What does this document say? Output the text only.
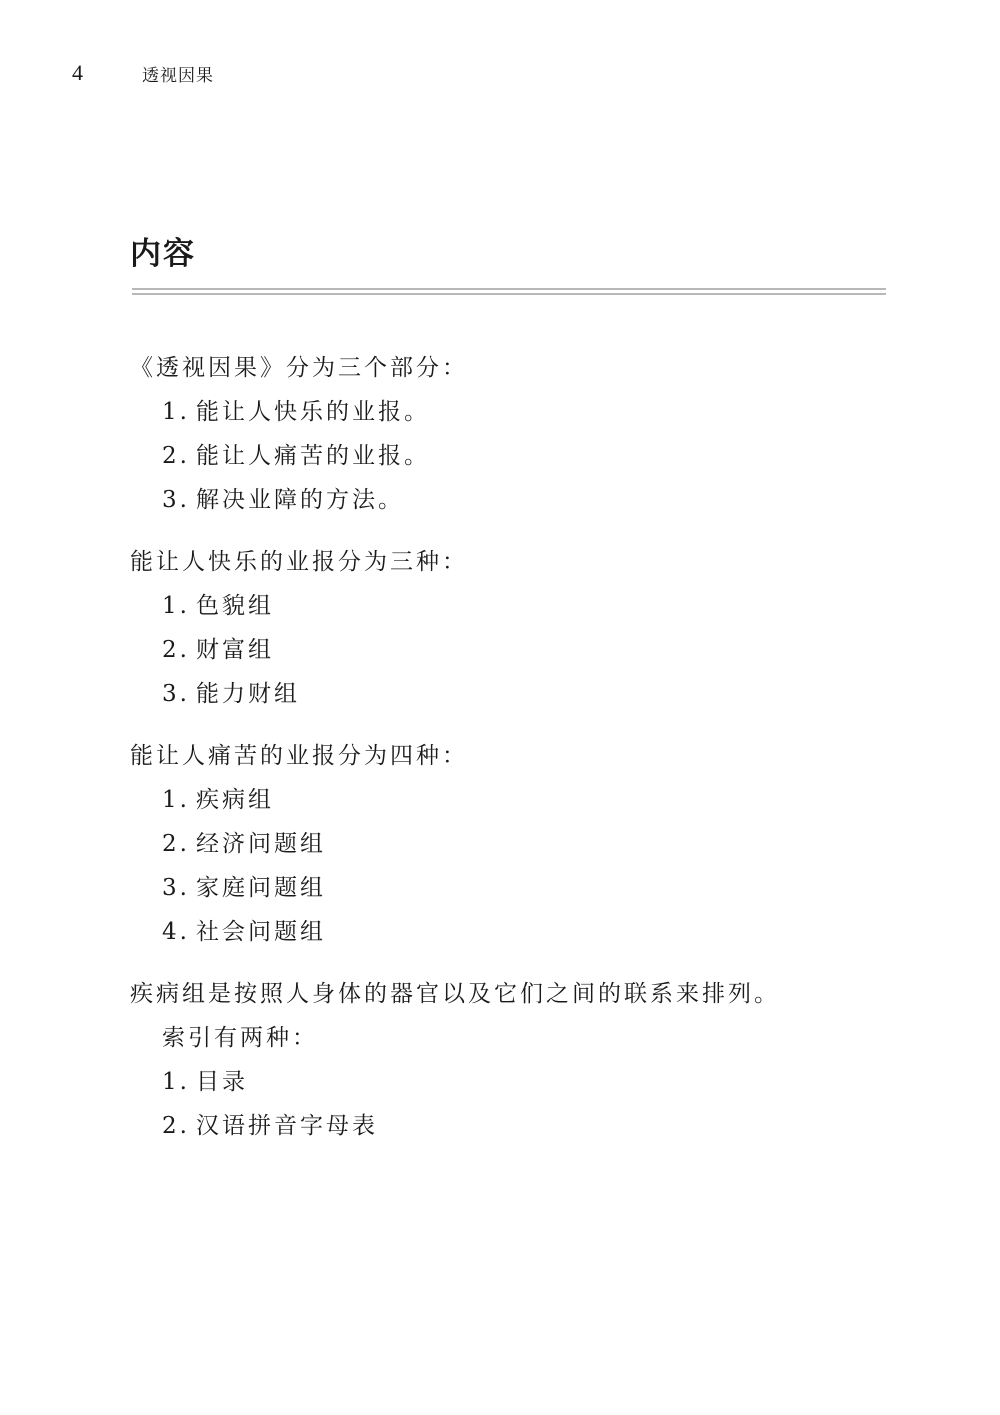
4	透视因果
内容
《透视因果》分为三个部分：
1. 能让人快乐的业报。
2. 能让人痛苦的业报。
3. 解决业障的方法。
能让人快乐的业报分为三种：
1. 色貌组
2. 财富组
3. 能力财组
能让人痛苦的业报分为四种：
1. 疾病组
2. 经济问题组
3. 家庭问题组
4. 社会问题组
疾病组是按照人身体的器官以及它们之间的联系来排列。
索引有两种：
1. 目录
2. 汉语拼音字母表
